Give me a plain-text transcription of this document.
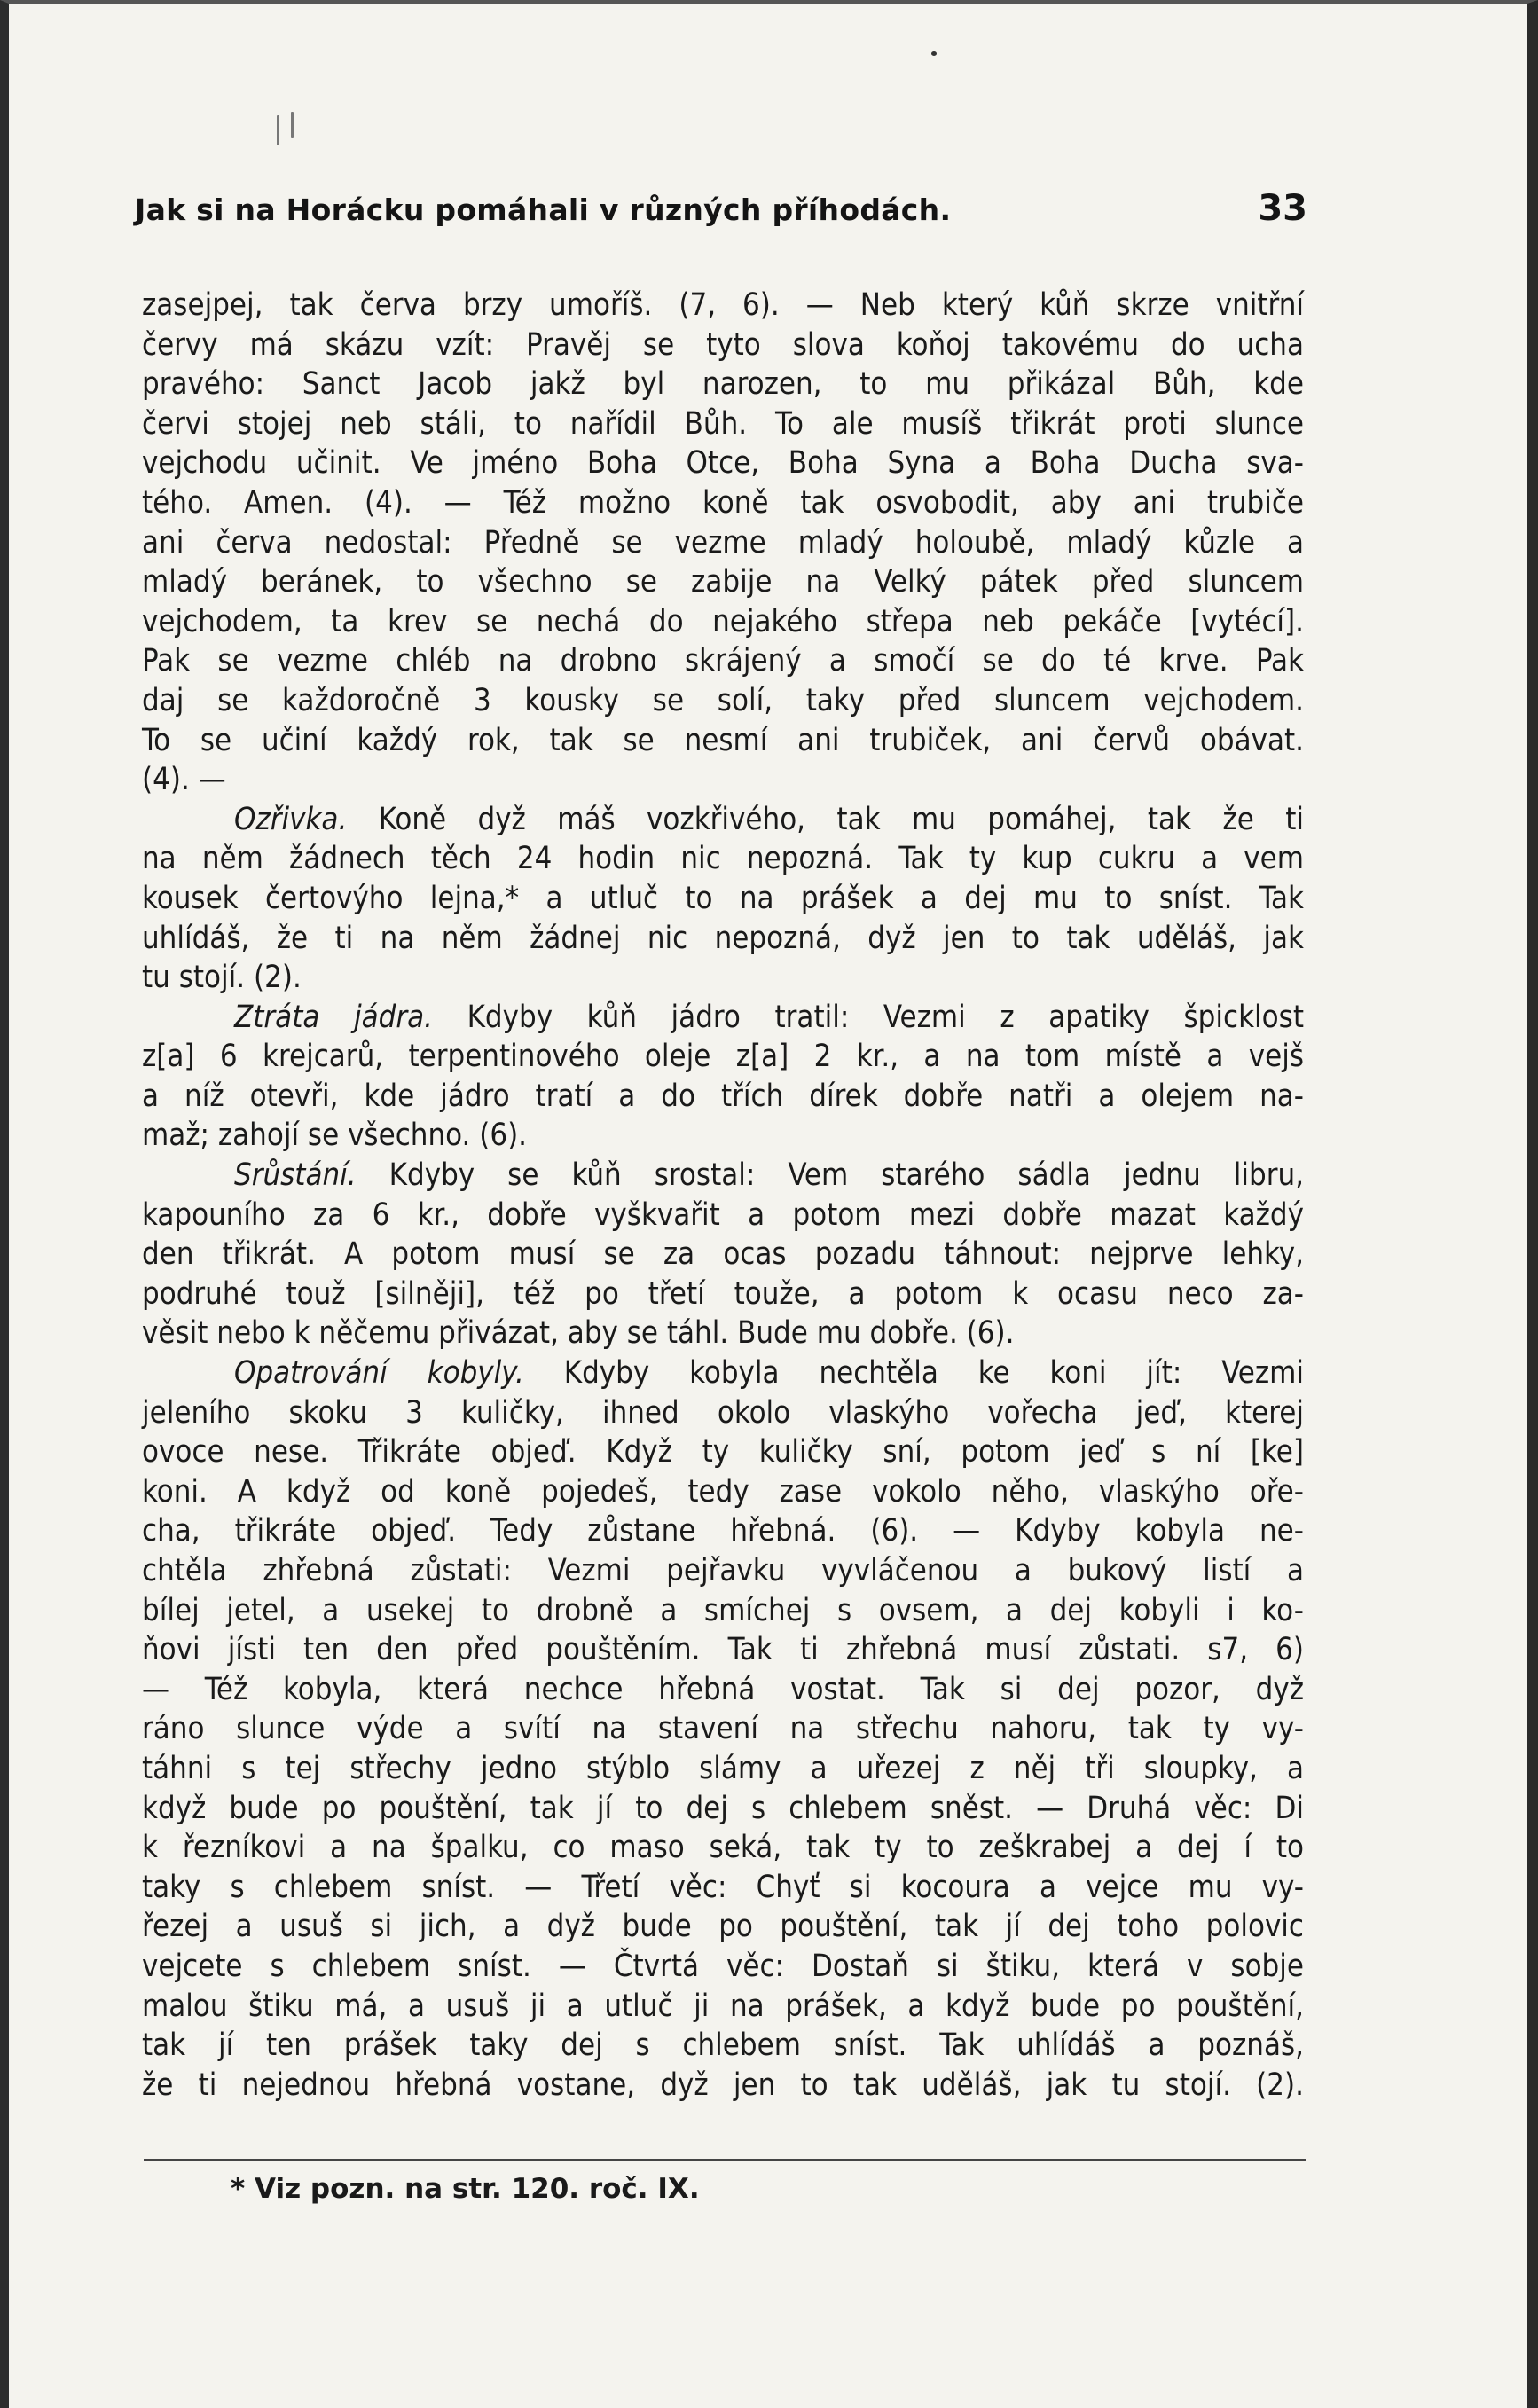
Jak si na Horácku pomáhali v různých příhodách.	33
zasejpej, tak červa brzy umoříš. (7, 6). — Neb který kůň skrze vnitřní
červy má skázu vzít: Pravěj se tyto slova koňoj takovému do ucha
pravého: Sanct Jacob jakž byl narozen, to mu přikázal Bůh, kde
červi stojej neb stáli, to nařídil Bůh. To ale musíš třikrát proti slunce
vejchodu učinit. Ve jméno Boha Otce, Boha Syna a Boha Ducha sva-
tého. Amen. (4). — Též možno koně tak osvobodit, aby ani trubiče
ani červa nedostal: Předně se vezme mladý holoubě, mladý kůzle a
mladý beránek, to všechno se zabije na Velký pátek před sluncem
vejchodem, ta krev se nechá do nejakého střepa neb pekáče [vytécí].
Pak se vezme chléb na drobno skrájený a smočí se do té krve. Pak
daj se každoročně 3 kousky se solí, taky před sluncem vejchodem.
To se učiní každý rok, tak se nesmí ani trubiček, ani červů obávat.
(4). —
Ozřivka. Koně dyž máš vozkřivého, tak mu pomáhej, tak že ti
na něm žádnech těch 24 hodin nic nepozná. Tak ty kup cukru a vem
kousek čertovýho lejna,* a utluč to na prášek a dej mu to sníst. Tak
uhlídáš, že ti na něm žádnej nic nepozná, dyž jen to tak uděláš, jak
tu stojí. (2).
Ztráta jádra. Kdyby kůň jádro tratil: Vezmi z apatiky špicklost
z[a] 6 krejcarů, terpentinového oleje z[a] 2 kr., a na tom místě a vejš
a níž otevři, kde jádro tratí a do třích dírek dobře natři a olejem na-
maž; zahojí se všechno. (6).
Srůstání. Kdyby se kůň srostal: Vem starého sádla jednu libru,
kapouního za 6 kr., dobře vyškvařit a potom mezi dobře mazat každý
den třikrát. A potom musí se za ocas pozadu táhnout: nejprve lehky,
podruhé touž [silněji], též po třetí touže, a potom k ocasu neco za-
věsit nebo k něčemu přivázat, aby se táhl. Bude mu dobře. (6).
Opatrování kobyly. Kdyby kobyla nechtěla ke koni jít: Vezmi
jeleního skoku 3 kuličky, ihned okolo vlaskýho vořecha jeď, kterej
ovoce nese. Třikráte objeď. Když ty kuličky sní, potom jeď s ní [ke]
koni. A když od koně pojedeš, tedy zase vokolo něho, vlaskýho oře-
cha, třikráte objeď. Tedy zůstane hřebná. (6). — Kdyby kobyla ne-
chtěla zhřebná zůstati: Vezmi pejřavku vyvláčenou a bukový listí a
bílej jetel, a usekej to drobně a smíchej s ovsem, a dej kobyli i ko-
ňovi jísti ten den před pouštěním. Tak ti zhřebná musí zůstati. s7, 6)
— Též kobyla, která nechce hřebná vostat. Tak si dej pozor, dyž
ráno slunce výde a svítí na stavení na střechu nahoru, tak ty vy-
táhni s tej střechy jedno stýblo slámy a uřezej z něj tři sloupky, a
když bude po pouštění, tak jí to dej s chlebem sněst. — Druhá věc: Di
k řezníkovi a na špalku, co maso seká, tak ty to zeškrabej a dej í to
taky s chlebem sníst. — Třetí věc: Chyť si kocoura a vejce mu vy-
řezej a usuš si jich, a dyž bude po pouštění, tak jí dej toho polovic
vejcete s chlebem sníst. — Čtvrtá věc: Dostaň si štiku, která v sobje
malou štiku má, a usuš ji a utluč ji na prášek, a když bude po pouštění,
tak jí ten prášek taky dej s chlebem sníst. Tak uhlídáš a poznáš,
že ti nejednou hřebná vostane, dyž jen to tak uděláš, jak tu stojí. (2).
* Viz pozn. na str. 120. roč. IX.
